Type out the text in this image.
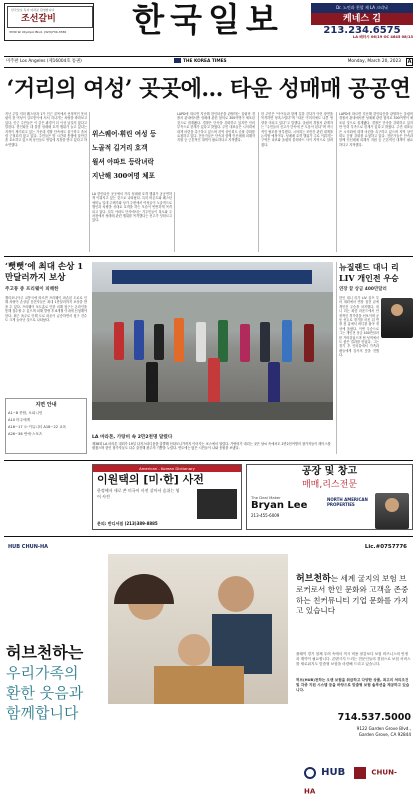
한국일보 독자 여러분 환영합니다
조선갈비
3330 W. Olympic Blvd. (323)734-3330	한국일보	Dr. 노인과 친할 제 LA 크리닉
케네스 김
213.234.6575
LA 배터시 06/19 OC 4645 08/13
미주판 Los Angeles (제16004호 통권)	THE KOREA TIMES	Monday, March 20, 2023	A
‘거리의 여성’ 곳곳에… 타운 성매매 공공연
지난 주말 저녁 웨스턴과 1가 인근 골목에서 선정적인 옷차림의 한 여성이 길모퉁이에 서서 지나가는 차량을 바라보고 있다. 인근 주민들은 이 같은 광경이 더 이상 낯설지 않다고 말한다. 한인타운 내 불법 성매매 호객 행위가 늘고 있다는 지적이 제기되고 있는 가운데 경찰 단속에도 불구하고 좀처럼 근절되지 않고 있다. 주민들은 밤 시간대 통행에 불안감을 호소하고 있으며 상인들도 영업에 지장을 받고 있다고 하소연했다.
위스퀘어·휘린 여성 등
노골적 길거리 호객
윌셔 아파트 등락녀락
지난해 300여명 체포
LA 한인타운 곳곳에서 거리 성매매 호객 행위가 공공연하게 이뤄지고 있는 것으로 나타났다. 특히 버몬트와 웨스턴 애비뉴 일대 주택가와 상가 주변에서 여성들이 노골적으로 행인과 차량을 상대로 호객을 하는 모습이 빈번하게 목격되고 있다. 일부 아파트 단지에서는 거주민들이 복도와 주차장에서 성매매 관련 행위를 목격했다는 신고가 잇따르고 있다.
LAPD에 따르면 지난해 한인타운을 관할하는 올림픽 경찰서 관내에서만 성매매 관련 혐의로 300여명이 체포된 것으로 집계됐다. 경찰은 단속을 강화하고 있지만 인력 부족으로 한계가 있다고 밝혔다. 주민 대표들은 시의회에 대책 마련을 촉구하고 있으며 지역 상인회도 순찰 강화를 요청하고 있다. 전문가들은 단속과 함께 인신매매 피해자 지원 등 근본적인 대책이 필요하다고 지적했다.
한 주민은 “아이들과 함께 길을 걷다가 이런 장면을 목격하면 당혹스럽다”며 “타운 이미지에도 나쁜 영향을 미치고 있다”고 말했다. 올림픽 경찰서 관계자는 “주민들의 신고가 단속에 큰 도움이 된다”며 적극적인 협조를 당부했다. 시의회는 조만간 관련 대책을 논의할 예정이다. 성매매 호객 행위가 주로 이뤄지는 구역은 피코와 올림픽 블러바드 사이 지역으로 알려졌다.
LAPD에 따르면 지난해 한인타운을 관할하는 올림픽 경찰서 관내에서만 성매매 관련 혐의로 300여명이 체포된 것으로 집계됐다. 경찰은 단속을 강화하고 있지만 인력 부족으로 한계가 있다고 밝혔다. 주민 대표들은 시의회에 대책 마련을 촉구하고 있으며 지역 상인회도 순찰 강화를 요청하고 있다. 전문가들은 단속과 함께 인신매매 피해자 지원 등 근본적인 대책이 필요하다고 지적했다.
‘뻣뻣’에 최대 손상 1만달러까지 보상
주고통 중 프리웨이 피해한
캘리포니아주 교통국에 따르면 프리웨이 파손된 도로로 인해 차량이 손상된 운전자들은 최대 1만달러까지 보상을 받을 수 있다. 프리웨이 포트홀로 인한 피해 청구는 온라인을 통해 접수할 수 있으며 피해 발생 후 6개월 이내에 신청해야 한다. 최근 폭우로 인해 도로 파손이 급증하면서 청구 건수도 크게 늘어난 것으로 나타났다.
지면 안내
A1~8 종합, 오피니언
A10 미주에게
A16~17 오·커뮤니티 A18~22 교육
A26~36 연예·스포츠
LA 마라톤, 가랑비 속 2만2천명 달렸다
제38회 LA 마라톤 대회가 19일 다저스타디움을 출발해 산타모니카까지 이어지는 코스에서 열렸다. 가랑비가 내리는 궂은 날씨 속에서도 2만2천여명의 참가자들이 레이스를 펼쳤으며 한인 참가자들도 다수 출전해 완주의 기쁨을 누렸다. 연도에는 많은 시민들이 나와 응원을 보냈다.
뉴질랜드 대니 리 LIV 개인전 우승
연장 끝 상금 400만달러
한인 대니 리가 LIV 골프 투어 대회에서 연장 접전 끝에 개인전 우승을 차지했다. 대니 리는 최종 라운드에서 안정적인 경기력을 선보이며 공동 선두로 경기를 마친 뒤 연장 첫 홀에서 버디를 잡아 정상에 올랐다. 이번 우승으로 그는 개인전 상금 400만달러를 거머쥐었으며 팀 성적에서도 좋은 결과를 얻었다. 그는 경기 후 인터뷰에서 가족과 팬들에게 감사의 뜻을 전했다.
American - Korean Dictionary
이원택의 [미·한] 사전
한정에서 새로 쓴 미국어 사전 살아서 숨쉬는 영어 사전
문의: 반디서점 (213)389-8885
공장 및 창고
매매,리스전문
The Deal Maker
Bryan Lee
213-455-6009
NORTH AMERICAN PROPERTIES
HUB CHUN-HA	Lic.#0757776
허브천하는
우리가족의
환한 웃음과
함께합니다
허브천하는 세계 굴지의 보험 브로커로서 한인 문화와 고객을 존중하는 친커뮤니티 기업 문화를 가지고 있습니다
플레이 경기 침체 우려 속에서 적시 비용 절감보다 보험 비즈니스의 안정과 계약이 필요합니다. 콘텐시지 드리는 전문인들의 경험으로 보험 서비스를 새로워지도 맞춤형 보험을 마련해 드리고 있습니다.
허브(HUB)천하는 오랜 보험을 취급하고 다양한 상품, 최고의 처리조건 및 각종 지원 시스템 등을 바탕으로 맞춤형 보험 솔루션을 제공하고 있습니다.
714.537.5000
9122 Garden Grove Blvd.,
Garden Grove, CA 92844
HUB	CHUN-HA
